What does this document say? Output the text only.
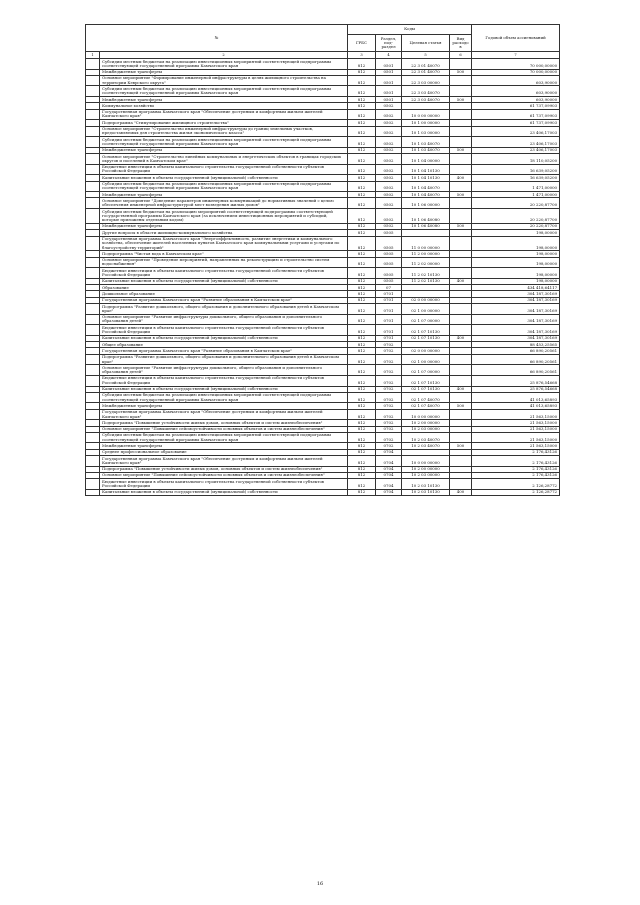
№		Коды				Годовой объем ассигнований
		ГРБС	Раздел, под-раздел	Целевая статья	Вид расходов	
1	2	3	4	5	6	7
	Субсидии местным бюджетам на реализацию инвестиционных мероприятий соответствующей подпрограммы соответствующей государственной программы Камчатского края	812	0501	22 3 01 40070		70 000,00000
	Межбюджетные трансферты	812	0501	22 3 01 40070	500	70 000,00000
	Основное мероприятие "Формирование инженерной инфраструктуры в целях жилищного строительства на территории Кеврского округа"	812	0501	22 3 03 00000		603,90000
	Субсидии местным бюджетам на реализацию инвестиционных мероприятий соответствующей подпрограммы соответствующей государственной программы Камчатского края	812	0501	22 3 03 40070		603,90000
	Межбюджетные трансферты	812	0501	22 3 03 40070	500	603,90000
	Коммунальное хозяйство	812	0502			61 737,09903
	Государственная программа Камчатского края "Обеспечение доступным и комфортным жильем жителей Камчатского края"	812	0502	10 0 00 00000		61 737,09903
	Подпрограмма "Стимулирование жилищного строительства"	812	0502	10 1 00 00000		61 737,09903
	Основное мероприятие "Строительство инженерной инфраструктуры до границ земельных участков, предоставляемых для строительства жилья экономического класса"	812	0502	10 1 03 00000		23 406,17003
	Субсидии местным бюджетам на реализацию инвестиционных мероприятий соответствующей подпрограммы соответствующей государственной программы Камчатского края	812	0502	10 1 03 40070		23 406,17003
	Межбюджетные трансферты	812	0502	10 1 03 40070	500	23 406,17003
	Основное мероприятие "Строительство линейных коммунальных и энергетических объектов в границах городских округов и поселений в Камчатском крае"	812	0502	10 1 04 00000		18 110,05200
	Бюджетные инвестиции в объекты капитального строительства государственной собственности субъектов Российской Федерации	812	0502	10 1 04 10130		16 639,05200
	Капитальные вложения в объекты государственной (муниципальной) собственности	812	0502	10 1 04 10130	400	16 639,05200
	Субсидии местным бюджетам на реализацию инвестиционных мероприятий соответствующей подпрограммы соответствующей государственной программы Камчатского края	812	0502	10 1 04 40070		1 471,00000
	Межбюджетные трансферты	812	0502	10 1 04 40070	500	1 471,00000
	Основное мероприятие "Доведение параметров инженерных коммуникаций до нормативных значений с целью обеспечения инженерной инфраструктурой мест возведения жилых домов"	812	0502	10 1 06 00000		20 220,87700
	Субсидии местным бюджетам на реализацию мероприятий соответствующей подпрограммы соответствующей государственной программы Камчатского края (за исключением инвестиционных мероприятий и субсидий, которые приложены отдельным кодом)	812	0502	10 1 06 40080		20 220,87700
	Межбюджетные трансферты	812	0502	10 1 06 40080	500	20 220,87700
	Другие вопросы в области жилищно-коммунального хозяйства	812	0505			198,00000
	Государственная программа Камчатского края "Энергоэффективность, развитие энергетики и коммунального хозяйства, обеспечение жителей населенных пунктов Камчатского края коммунальными услугами и услугами по благоустройству территорий"	812	0505	11 0 00 00000		198,00000
	Подпрограмма "Чистая вода в Камчатском крае"	812	0505	11 2 00 00000		198,00000
	Основное мероприятие "Проведение мероприятий, направленных на реконструкцию и строительство систем водоснабжения"	812	0505	11 2 02 00000		198,00000
	Бюджетные инвестиции в объекты капитального строительства государственной собственности субъектов Российской Федерации	812	0505	11 2 02 10130		198,00000
	Капитальные вложения в объекты государственной (муниципальной) собственности	812	0505	11 2 02 10130	400	198,00000
	Образование	812	07			434 418,64117
	Дошкольное образование	812	0701			304 187,30169
	Государственная программа Камчатского края "Развитие образования в Камчатском крае"	812	0701	02 0 00 00000		304 187,30169
	Подпрограмма "Развитие дошкольного, общего образования и дополнительного образования детей в Камчатском крае"	812	0701	02 1 00 00000		304 187,30169
	Основное мероприятие "Развитие инфраструктуры дошкольного, общего образования и дополнительного образования детей"	812	0701	02 1 07 00000		304 187,30169
	Бюджетные инвестиции в объекты капитального строительства государственной собственности субъектов Российской Федерации	812	0701	02 1 07 10130		304 187,30169
	Капитальные вложения в объекты государственной (муниципальной) собственности	812	0701	02 1 07 10130	400	304 187,30169
	Общее образование	812	0702			88 453,25565
	Государственная программа Камчатского края "Развитие образования в Камчатском крае"	812	0702	02 0 00 00000		66 890,20561
	Подпрограмма "Развитие дошкольного, общего образования и дополнительного образования детей в Камчатском крае"	812	0702	02 1 00 00000		66 890,20561
	Основное мероприятие "Развитие инфраструктуры дошкольного, общего образования и дополнительного образования детей"	812	0702	02 1 07 00000		66 890,20561
	Бюджетные инвестиции в объекты капитального строительства государственной собственности субъектов Российской Федерации	812	0702	02 1 07 10130		25 876,54668
	Капитальные вложения в объекты государственной (муниципальной) собственности	812	0702	02 1 07 10130	400	25 876,54668
	Субсидии местным бюджетам на реализацию инвестиционных мероприятий соответствующей подпрограммы соответствующей государственной программы Камчатского края	812	0702	02 1 07 40070		41 013,65893
	Межбюджетные трансферты	812	0702	02 1 07 40070	500	41 013,65893
	Государственная программа Камчатского края "Обеспечение доступным и комфортным жильем жителей Камчатского края"	812	0702	10 0 00 00000		21 563,15000
	Подпрограмма "Повышение устойчивости жилых домов, основных объектов и систем жизнеобеспечения"	812	0702	10 2 00 00000		21 563,15000
	Основное мероприятие "Повышение сейсмоустойчивости основных объектов и систем жизнеобеспечения"	812	0702	10 2 03 00000		21 563,15000
	Субсидии местным бюджетам на реализацию инвестиционных мероприятий соответствующей подпрограммы соответствующей государственной программы Камчатского края	812	0702	10 2 03 40070		21 563,15000
	Межбюджетные трансферты	812	0702	10 2 03 40070	500	21 563,15000
	Среднее профессиональное образование	812	0704			2 176,43126
	Государственная программа Камчатского края "Обеспечение доступным и комфортным жильем жителей Камчатского края"	812	0704	10 0 00 00000		2 176,43126
	Подпрограмма "Повышение устойчивости жилых домов, основных объектов и систем жизнеобеспечения"	812	0704	10 2 00 00000		2 176,43126
	Основное мероприятие "Повышение сейсмоустойчивости основных объектов и систем жизнеобеспечения"	812	0704	10 2 03 00000		2 176,43126
	Бюджетные инвестиции в объекты капитального строительства государственной собственности субъектов Российской Федерации	812	0704	10 2 03 10130		2 126,28772
	Капитальные вложения в объекты государственной (муниципальной) собственности	812	0704	10 2 03 10130	400	2 126,28772
16
